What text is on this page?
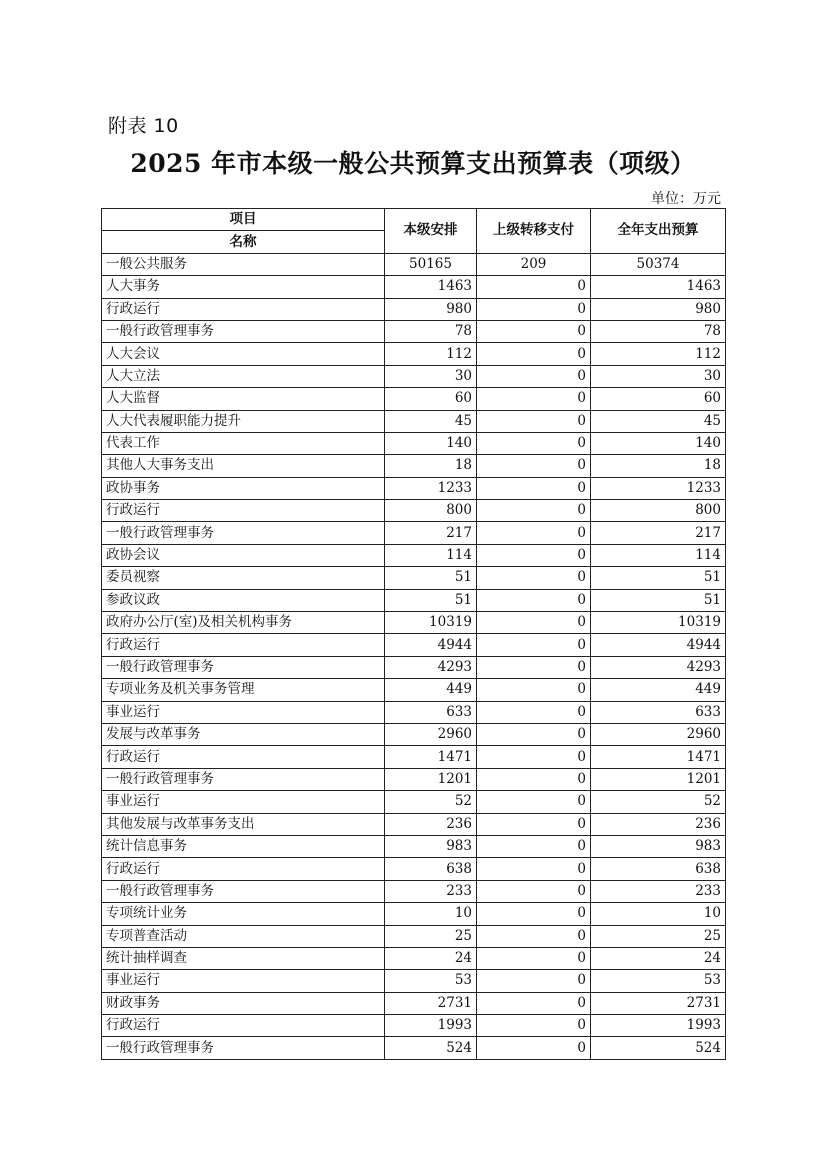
附表 10
2025 年市本级一般公共预算支出预算表（项级）
单位：万元
项目	本级安排	上级转移支付	全年支出预算
名称			
一般公共服务	50165	209	50374
人大事务	1463	0	1463
行政运行	980	0	980
一般行政管理事务	78	0	78
人大会议	112	0	112
人大立法	30	0	30
人大监督	60	0	60
人大代表履职能力提升	45	0	45
代表工作	140	0	140
其他人大事务支出	18	0	18
政协事务	1233	0	1233
行政运行	800	0	800
一般行政管理事务	217	0	217
政协会议	114	0	114
委员视察	51	0	51
参政议政	51	0	51
政府办公厅(室)及相关机构事务	10319	0	10319
行政运行	4944	0	4944
一般行政管理事务	4293	0	4293
专项业务及机关事务管理	449	0	449
事业运行	633	0	633
发展与改革事务	2960	0	2960
行政运行	1471	0	1471
一般行政管理事务	1201	0	1201
事业运行	52	0	52
其他发展与改革事务支出	236	0	236
统计信息事务	983	0	983
行政运行	638	0	638
一般行政管理事务	233	0	233
专项统计业务	10	0	10
专项普查活动	25	0	25
统计抽样调查	24	0	24
事业运行	53	0	53
财政事务	2731	0	2731
行政运行	1993	0	1993
一般行政管理事务	524	0	524
